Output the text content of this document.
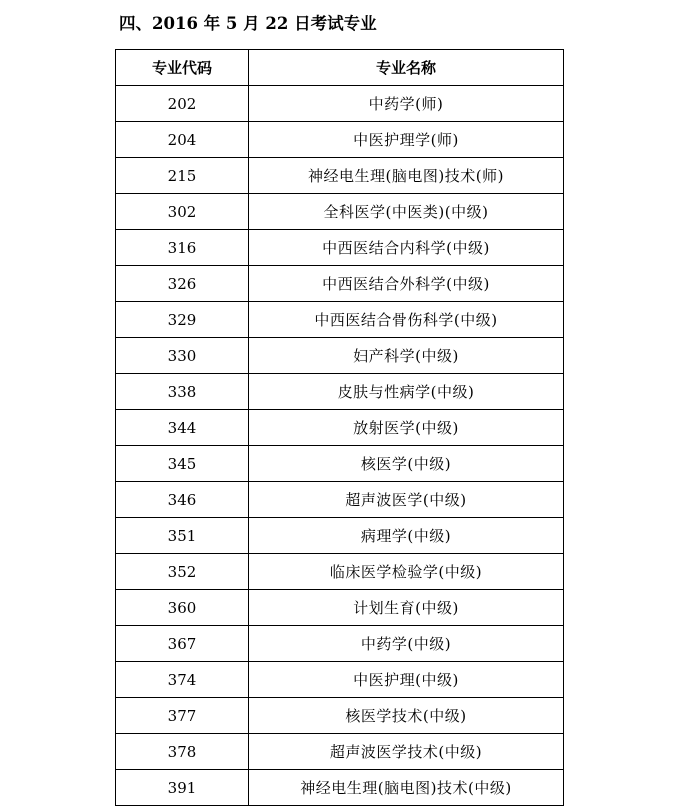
四、2016 年 5 月 22 日考试专业
专业代码	专业名称
202	中药学(师)
204	中医护理学(师)
215	神经电生理(脑电图)技术(师)
302	全科医学(中医类)(中级)
316	中西医结合内科学(中级)
326	中西医结合外科学(中级)
329	中西医结合骨伤科学(中级)
330	妇产科学(中级)
338	皮肤与性病学(中级)
344	放射医学(中级)
345	核医学(中级)
346	超声波医学(中级)
351	病理学(中级)
352	临床医学检验学(中级)
360	计划生育(中级)
367	中药学(中级)
374	中医护理(中级)
377	核医学技术(中级)
378	超声波医学技术(中级)
391	神经电生理(脑电图)技术(中级)
